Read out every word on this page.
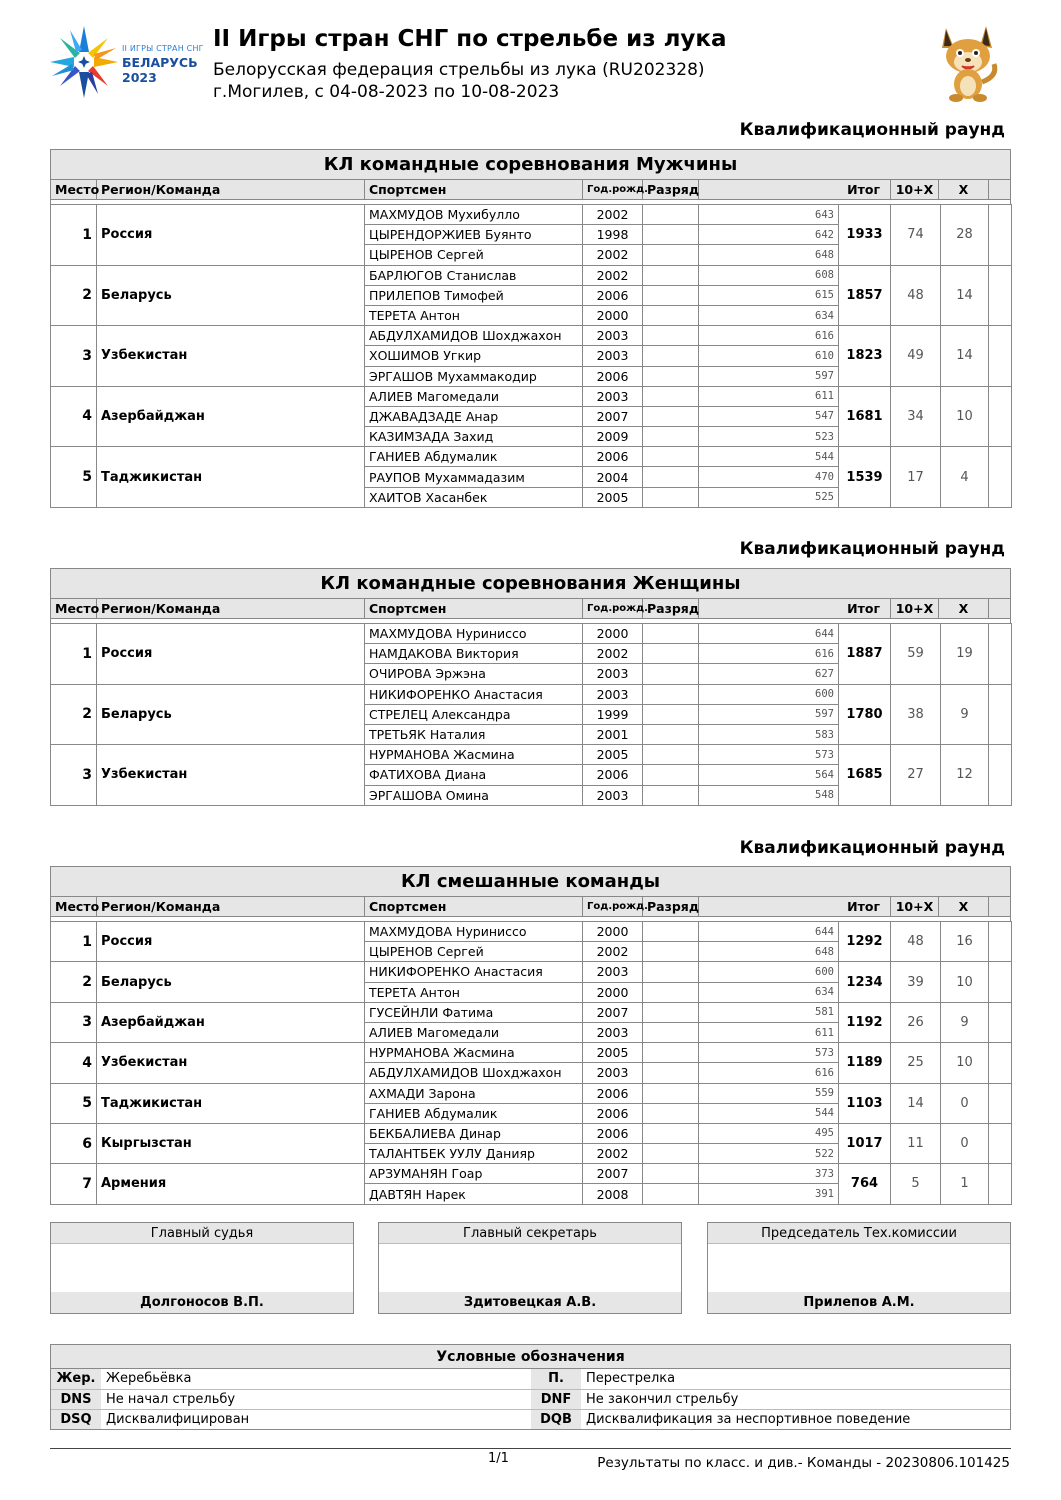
II ИГРЫ СТРАН СНГ
БЕЛАРУСЬ
2023
II Игры стран СНГ по стрельбе из лука
Белорусская федерация стрельбы из лука (RU202328)
г.Могилев, с 04-08-2023 по 10-08-2023
Квалификационный раунд
КЛ командные соревнования Мужчины
Место Регион/Команда	Спортсмен	Год.рожд. Разряд	Итог	10+X	X
1	Россия	МАХМУДОВ Мухибулло	2002		643	1933	74	28	
		ЦЫРЕНДОРЖИЕВ Буянто	1998		642				
		ЦЫРЕНОВ Сергей	2002		648				
2	Беларусь	БАРЛЮГОВ Станислав	2002		608	1857	48	14	
		ПРИЛЕПОВ Тимофей	2006		615				
		ТЕРЕТА Антон	2000		634				
3	Узбекистан	АБДУЛХАМИДОВ Шохджахон	2003		616	1823	49	14	
		ХОШИМОВ Угкир	2003		610				
		ЭРГАШОВ Мухаммакодир	2006		597				
4	Азербайджан	АЛИЕВ Магомедали	2003		611	1681	34	10	
		ДЖАВАДЗАДЕ Анар	2007		547				
		КАЗИМЗАДА Захид	2009		523				
5	Таджикистан	ГАНИЕВ Абдумалик	2006		544	1539	17	4	
		РАУПОВ Мухаммадазим	2004		470				
		ХАИТОВ Хасанбек	2005		525				
Квалификационный раунд
КЛ командные соревнования Женщины
Место Регион/Команда	Спортсмен	Год.рожд. Разряд	Итог	10+X	X
1	Россия	МАХМУДОВА Нуриниссо	2000		644	1887	59	19	
		НАМДАКОВА Виктория	2002		616				
		ОЧИРОВА Эржэна	2003		627				
2	Беларусь	НИКИФОРЕНКО Анастасия	2003		600	1780	38	9	
		СТРЕЛЕЦ Александра	1999		597				
		ТРЕТЬЯК Наталия	2001		583				
3	Узбекистан	НУРМАНОВА Жасмина	2005		573	1685	27	12	
		ФАТИХОВА Диана	2006		564				
		ЭРГАШОВА Омина	2003		548				
Квалификационный раунд
КЛ смешанные команды
Место Регион/Команда	Спортсмен	Год.рожд. Разряд	Итог	10+X	X
1	Россия	МАХМУДОВА Нуриниссо	2000		644	1292	48	16	
		ЦЫРЕНОВ Сергей	2002		648				
2	Беларусь	НИКИФОРЕНКО Анастасия	2003		600	1234	39	10	
		ТЕРЕТА Антон	2000		634				
3	Азербайджан	ГУСЕЙНЛИ Фатима	2007		581	1192	26	9	
		АЛИЕВ Магомедали	2003		611				
4	Узбекистан	НУРМАНОВА Жасмина	2005		573	1189	25	10	
		АБДУЛХАМИДОВ Шохджахон	2003		616				
5	Таджикистан	АХМАДИ Зарона	2006		559	1103	14	0	
		ГАНИЕВ Абдумалик	2006		544				
6	Кыргызстан	БЕКБАЛИЕВА Динар	2006		495	1017	11	0	
		ТАЛАНТБЕК УУЛУ Данияр	2002		522				
7	Армения	АРЗУМАНЯН Гоар	2007		373	764	5	1	
		ДАВТЯН Нарек	2008		391				
Главный судья
Долгоносов В.П.
Главный секретарь
Здитовецкая А.В.
Председатель Тех.комиссии
Прилепов А.М.
Условные обозначения
Жер.	Жеребьёвка	П.	Перестрелка
DNS	Не начал стрельбу	DNF	Не закончил стрельбу
DSQ	Дисквалифицирован	DQB	Дисквалификация за неспортивное поведение
1/1	Результаты по класс. и див.- Команды - 20230806.101425
